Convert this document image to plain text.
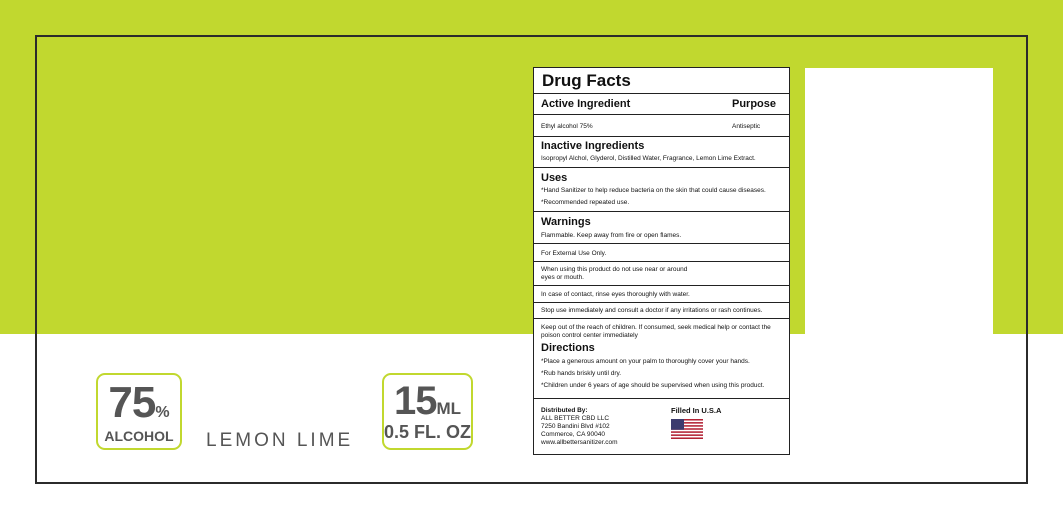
75%
ALCOHOL	LEMON LIME
15ML
0.5 FL. OZ
Drug Facts
Active Ingredient	Purpose
Ethyl alcohol 75%	Antiseptic
Inactive Ingredients
Isopropyl Alchol, Glyderol, Distilled Water, Fragrance, Lemon Lime Extract.
Uses
*Hand Sanitizer to help reduce bacteria on the skin that could cause diseases.
*Recommended repeated use.
Warnings
Flammable. Keep away from fire or open flames.
For External Use Only.
When using this product do not use near or around
eyes or mouth.
In case of contact, rinse eyes thoroughly with water.
Stop use immediately and consult a doctor if any irritations or rash continues.
Keep out of the reach of children. If consumed, seek medical help or contact the
poison control center immediately
Directions
*Place a generous amount on your palm to thoroughly cover your hands.
*Rub hands briskly until dry.
*Children under 6 years of age should be supervised when using this product.
Distributed By:
ALL BETTER CBD LLC
7250 Bandini Blvd #102
Commerce, CA 90040
www.allbettersanitizer.com
Filled In U.S.A
